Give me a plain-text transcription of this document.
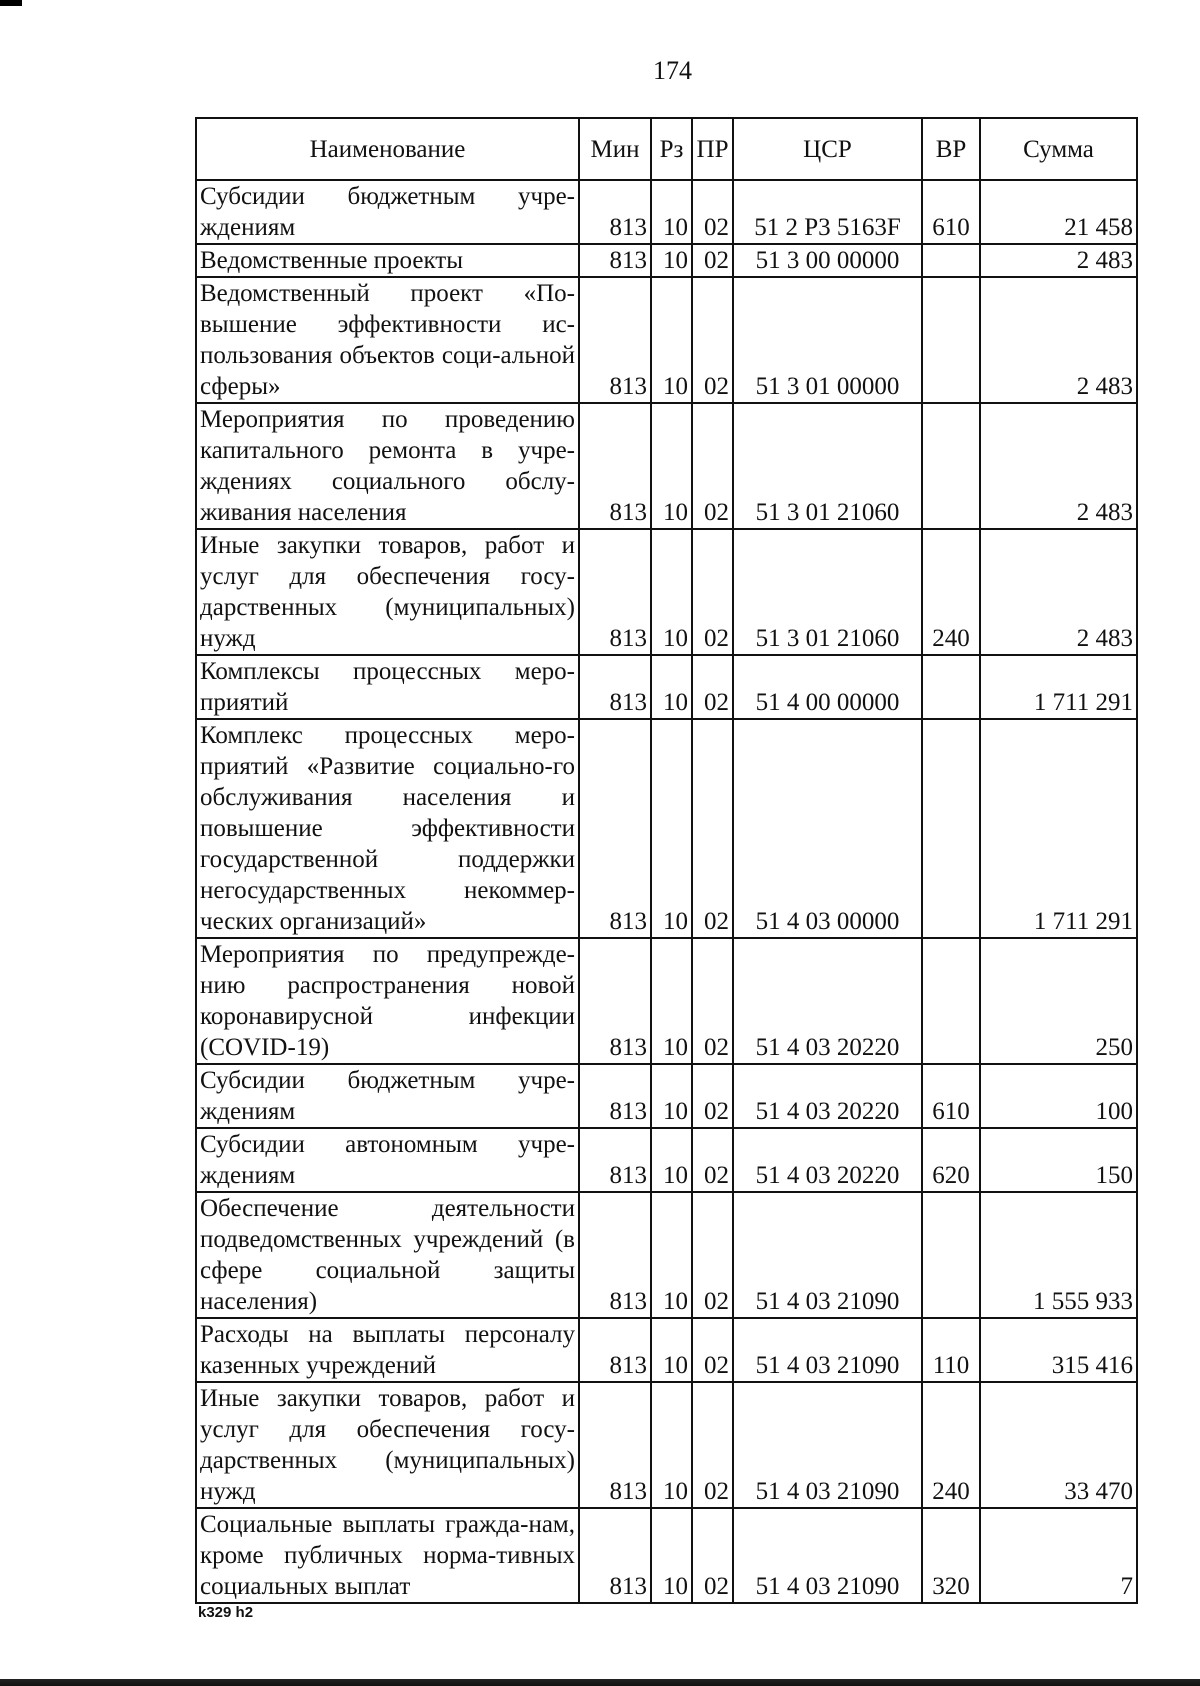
174
Наименование	Мин	Рз	ПР	ЦСР	ВР	Сумма
Субсидии бюджетным учре-ждениям	813	10	02	51 2 Р3 5163F	610	21 458
Ведомственные проекты	813	10	02	51 3 00 00000		2 483
Ведомственный проект «По-вышение эффективности ис-пользования объектов соци-альной сферы»	813	10	02	51 3 01 00000		2 483
Мероприятия по проведению капитального ремонта в учре-ждениях социального обслу-живания населения	813	10	02	51 3 01 21060		2 483
Иные закупки товаров, работ и услуг для обеспечения госу-дарственных (муниципальных) нужд	813	10	02	51 3 01 21060	240	2 483
Комплексы процессных меро-приятий	813	10	02	51 4 00 00000		1 711 291
Комплекс процессных меро-приятий «Развитие социально-го обслуживания населения и повышение эффективности государственной поддержки негосударственных некоммер-ческих организаций»	813	10	02	51 4 03 00000		1 711 291
Мероприятия по предупрежде-нию распространения новой коронавирусной инфекции (COVID-19)	813	10	02	51 4 03 20220		250
Субсидии бюджетным учре-ждениям	813	10	02	51 4 03 20220	610	100
Субсидии автономным учре-ждениям	813	10	02	51 4 03 20220	620	150
Обеспечение деятельности подведомственных учреждений (в сфере социальной защиты населения)	813	10	02	51 4 03 21090		1 555 933
Расходы на выплаты персоналу казенных учреждений	813	10	02	51 4 03 21090	110	315 416
Иные закупки товаров, работ и услуг для обеспечения госу-дарственных (муниципальных) нужд	813	10	02	51 4 03 21090	240	33 470
Социальные выплаты гражда-нам, кроме публичных норма-тивных социальных выплат	813	10	02	51 4 03 21090	320	7
k329 h2
